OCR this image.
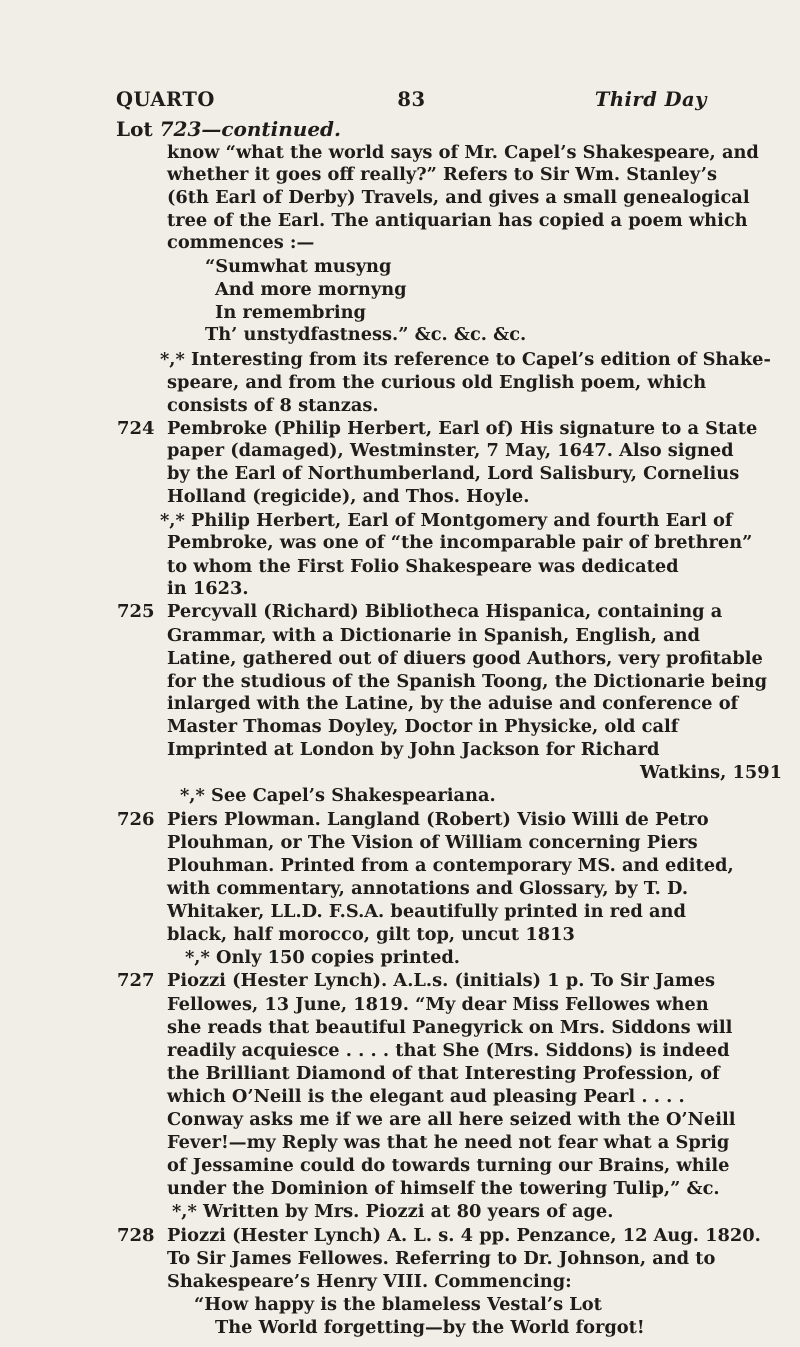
QUARTO	83	Third Day
Lot 723—continued.
know “what the world says of Mr. Capel’s Shakespeare, and
whether it goes off really?” Refers to Sir Wm. Stanley’s
(6th Earl of Derby) Travels, and gives a small genealogical
tree of the Earl. The antiquarian has copied a poem which
commences :—
“Sumwhat musyng
And more mornyng
In remembring
Th’ unstydfastness.” &c. &c. &c.
*,* Interesting from its reference to Capel’s edition of Shake-
speare, and from the curious old English poem, which
consists of 8 stanzas.
724 Pembroke (Philip Herbert, Earl of) His signature to a State
paper (damaged), Westminster, 7 May, 1647. Also signed
by the Earl of Northumberland, Lord Salisbury, Cornelius
Holland (regicide), and Thos. Hoyle.
*,* Philip Herbert, Earl of Montgomery and fourth Earl of
Pembroke, was one of “the incomparable pair of brethren”
to whom the First Folio Shakespeare was dedicated
in 1623.
725 Percyvall (Richard) Bibliotheca Hispanica, containing a
Grammar, with a Dictionarie in Spanish, English, and
Latine, gathered out of diuers good Authors, very profitable
for the studious of the Spanish Toong, the Dictionarie being
inlarged with the Latine, by the aduise and conference of
Master Thomas Doyley, Doctor in Physicke, old calf
Imprinted at London by John Jackson for Richard
Watkins, 1591
*,* See Capel’s Shakespeariana.
726 Piers Plowman. Langland (Robert) Visio Willi de Petro
Plouhman, or The Vision of William concerning Piers
Plouhman. Printed from a contemporary MS. and edited,
with commentary, annotations and Glossary, by T. D.
Whitaker, LL.D. F.S.A. beautifully printed in red and
black, half morocco, gilt top, uncut 1813
*,* Only 150 copies printed.
727 Piozzi (Hester Lynch). A.L.s. (initials) 1 p. To Sir James
Fellowes, 13 June, 1819. “My dear Miss Fellowes when
she reads that beautiful Panegyrick on Mrs. Siddons will
readily acquiesce . . . . that She (Mrs. Siddons) is indeed
the Brilliant Diamond of that Interesting Profession, of
which O’Neill is the elegant aud pleasing Pearl . . . .
Conway asks me if we are all here seized with the O’Neill
Fever!—my Reply was that he need not fear what a Sprig
of Jessamine could do towards turning our Brains, while
under the Dominion of himself the towering Tulip,” &c.
*,* Written by Mrs. Piozzi at 80 years of age.
728 Piozzi (Hester Lynch) A. L. s. 4 pp. Penzance, 12 Aug. 1820.
To Sir James Fellowes. Referring to Dr. Johnson, and to
Shakespeare’s Henry VIII. Commencing:
“How happy is the blameless Vestal’s Lot
The World forgetting—by the World forgot!
